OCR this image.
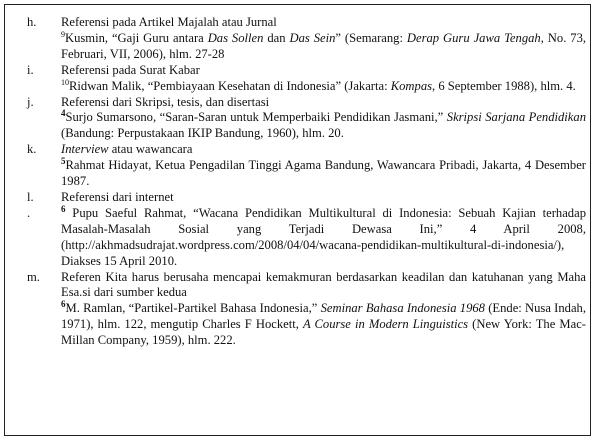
h.	Referensi pada Artikel Majalah atau Jurnal

$^9$Kusmin, “Gaji Guru antara Das Sollen dan Das Sein” (Semarang: Derap Guru Jawa Tengah, No. 73, Februari, VII, 2006), hlm. 27-28

i.	Referensi pada Surat Kabar

$^{10}$Ridwan Malik, “Pembiayaan Kesehatan di Indonesia” (Jakarta: Kompas, 6 September 1988), hlm. 4.

j.	Referensi dari Skripsi, tesis, dan disertasi

$^4$Surjo Sumarsono, “Saran-Saran untuk Memperbaiki Pendidikan Jasmani,” Skripsi Sarjana Pendidikan (Bandung: Perpustakaan IKIP Bandung, 1960), hlm. 20.

k.	Interview atau wawancara

$^5$Rahmat Hidayat, Ketua Pengadilan Tinggi Agama Bandung, Wawancara Pribadi, Jakarta, 4 Desember 1987.

l.	Referensi dari internet

.	$^6$ Pupu Saeful Rahmat, “Wacana Pendidikan Multikultural di Indonesia: Sebuah Kajian terhadap Masalah-Masalah Sosial yang Terjadi Dewasa Ini,” 4 April 2008, (http://akhmadsudrajat.wordpress.com/2008/04/04/wacana-pendidikan-multikultural-di-indonesia/), Diakses 15 April 2010.

m.	Referen Kita harus berusaha mencapai kemakmuran berdasarkan keadilan dan katuhanan yang Maha Esa.si dari sumber kedua

$^6$M. Ramlan, “Partikel-Partikel Bahasa Indonesia,” Seminar Bahasa Indonesia 1968 (Ende: Nusa Indah, 1971), hlm. 122, mengutip Charles F Hockett, A Course in Modern Linguistics (New York: The Mac-Millan Company, 1959), hlm. 222.
